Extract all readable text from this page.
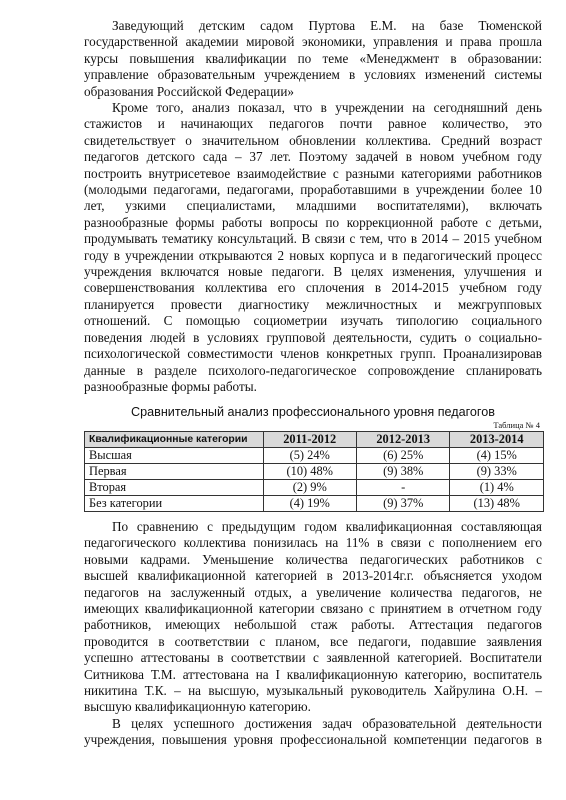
Заведующий детским садом Пуртова Е.М. на базе Тюменской
государственной академии мировой экономики, управления и права прошла
курсы повышения квалификации по теме «Менеджмент в образовании:
управление образовательным учреждением в условиях изменений системы
образования Российской Федерации»
Кроме того, анализ показал, что в учреждении на сегодняшний день
стажистов и начинающих педагогов почти равное количество, это
свидетельствует о значительном обновлении коллектива. Средний возраст
педагогов детского сада – 37 лет. Поэтому задачей в новом учебном году
построить внутрисетевое взаимодействие с разными категориями работников
(молодыми педагогами, педагогами, проработавшими в учреждении более 10
лет, узкими специалистами, младшими воспитателями), включать
разнообразные формы работы вопросы по коррекционной работе с детьми,
продумывать тематику консультаций. В связи с тем, что в 2014 – 2015 учебном
году в учреждении открываются 2 новых корпуса и в педагогический процесс
учреждения включатся новые педагоги. В целях изменения, улучшения и
совершенствования коллектива его сплочения в 2014-2015 учебном году
планируется провести диагностику межличностных и межгрупповых
отношений. С помощью социометрии изучать типологию социального
поведения людей в условиях групповой деятельности, судить о социально-
психологической совместимости членов конкретных групп. Проанализировав
данные в разделе психолого-педагогическое сопровождение спланировать
разнообразные формы работы.
Сравнительный анализ профессионального уровня педагогов
Таблица № 4
Квалификационные категории	2011-2012	2012-2013	2013-2014
Высшая	(5) 24%	(6) 25%	(4) 15%
Первая	(10) 48%	(9) 38%	(9) 33%
Вторая	(2) 9%	-	(1) 4%
Без категории	(4) 19%	(9) 37%	(13) 48%
По сравнению с предыдущим годом квалификационная составляющая
педагогического коллектива понизилась на 11% в связи с пополнением его
новыми кадрами. Уменьшение количества педагогических работников с
высшей квалификационной категорией в 2013-2014г.г. объясняется уходом
педагогов на заслуженный отдых, а увеличение количества педагогов, не
имеющих квалификационной категории связано с принятием в отчетном году
работников, имеющих небольшой стаж работы. Аттестация педагогов
проводится в соответствии с планом, все педагоги, подавшие заявления
успешно аттестованы в соответствии с заявленной категорией. Воспитатели
Ситникова Т.М. аттестована на I квалификационную категорию, воспитатель
никитина Т.К. – на высшую, музыкальный руководитель Хайрулина О.Н. –
высшую квалификационную категорию.
В целях успешного достижения задач образовательной деятельности
учреждения, повышения уровня профессиональной компетенции педагогов в
